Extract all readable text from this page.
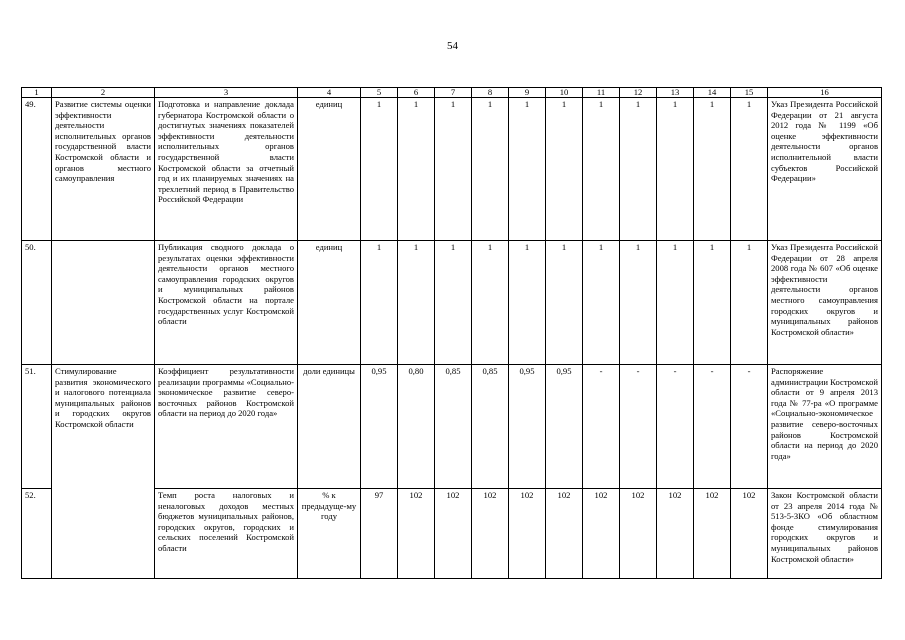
54
1	2	3	4	5	6	7	8	9	10	11	12	13	14	15	16
49.	Развитие системы оценки эффективности деятельности исполнительных органов государственной власти Костромской области и органов местного самоуправления	Подготовка и направление доклада губернатора Костромской области о достигнутых значениях показателей эффективности деятельности исполнительных органов государственной власти Костромской области за отчетный год и их планируемых значениях на трехлетний период в Правительство Российской Федерации	единиц	1	1	1	1	1	1	1	1	1	1	1	Указ Президента Российской Федерации от 21 августа 2012 года № 1199 «Об оценке эффективности деятельности органов исполнительной власти субъектов Российской Федерации»
50.		Публикация сводного доклада о результатах оценки эффективности деятельности органов местного самоуправления городских округов и муниципальных районов Костромской области на портале государственных услуг Костромской области	единиц	1	1	1	1	1	1	1	1	1	1	1	Указ Президента Российской Федерации от 28 апреля 2008 года № 607 «Об оценке эффективности деятельности органов местного самоуправления городских округов и муниципальных районов Костромской области»
51.	Стимулирование развития экономического и налогового потенциала муниципальных районов и городских округов Костромской области	Коэффициент результативности реализации программы «Социально-экономическое развитие северо-восточных районов Костромской области на период до 2020 года»	доли единицы	0,95	0,80	0,85	0,85	0,95	0,95	-	-	-	-	-	Распоряжение администрации Костромской области от 9 апреля 2013 года № 77-ра «О программе «Социально-экономическое развитие северо-восточных районов Костромской области на период до 2020 года»
52.		Темп роста налоговых и неналоговых доходов местных бюджетов муниципальных районов, городских округов, городских и сельских поселений Костромской области	% к предыдуще-му году	97	102	102	102	102	102	102	102	102	102	102	Закон Костромской области от 23 апреля 2014 года № 513-5-ЗКО «Об областном фонде стимулирования городских округов и муниципальных районов Костромской области»
